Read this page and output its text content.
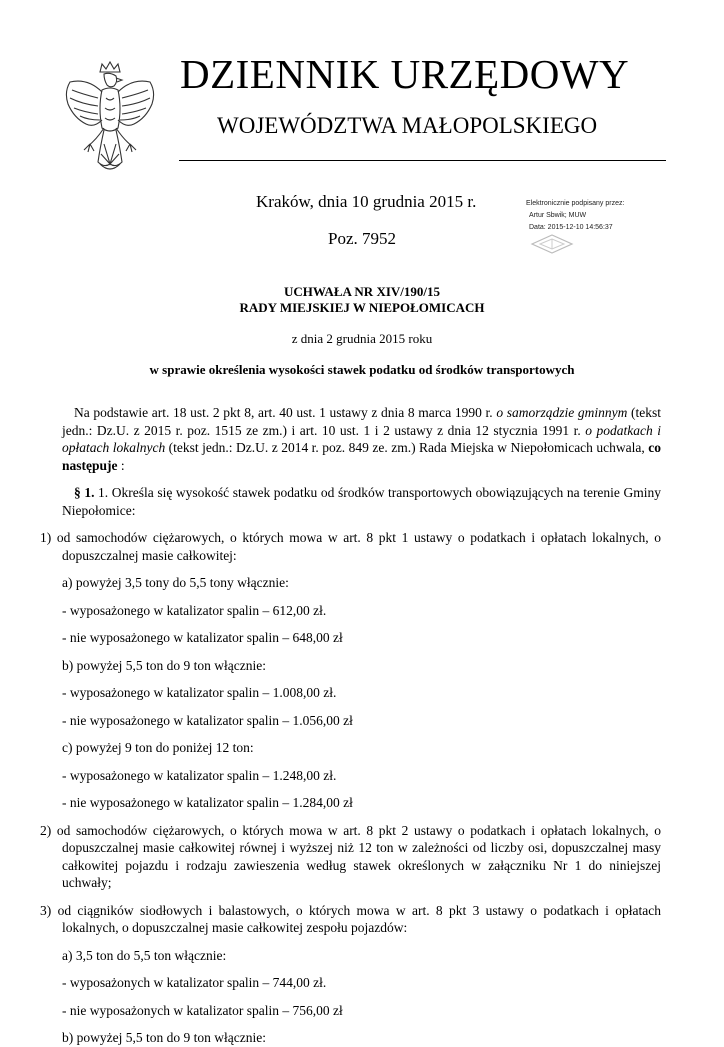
DZIENNIK URZĘDOWY
WOJEWÓDZTWA MAŁOPOLSKIEGO
Kraków, dnia 10 grudnia 2015 r.
Poz. 7952
Elektronicznie podpisany przez:
Artur Sbwik; MUW
Data: 2015-12-10 14:56:37
UCHWAŁA NR XIV/190/15
RADY MIEJSKIEJ W NIEPOŁOMICACH
z dnia 2 grudnia 2015 roku
w sprawie określenia wysokości stawek podatku od środków transportowych

Na podstawie art. 18 ust. 2 pkt 8, art. 40 ust. 1 ustawy z dnia 8 marca 1990 r. o samorządzie gminnym (tekst jedn.: Dz.U. z 2015 r. poz. 1515 ze zm.) i art. 10 ust. 1 i 2 ustawy z dnia 12 stycznia 1991 r. o podatkach i opłatach lokalnych (tekst jedn.: Dz.U. z 2014 r. poz. 849 ze. zm.) Rada Miejska w Niepołomicach uchwala, co następuje :

§ 1. 1. Określa się wysokość stawek podatku od środków transportowych obowiązujących na terenie Gminy Niepołomice:

1) od samochodów ciężarowych, o których mowa w art. 8 pkt 1 ustawy o podatkach i opłatach lokalnych, o dopuszczalnej masie całkowitej:

a) powyżej 3,5 tony do 5,5 tony włącznie:

- wyposażonego w katalizator spalin – 612,00 zł.

- nie wyposażonego w katalizator spalin – 648,00 zł

b) powyżej 5,5 ton do 9 ton włącznie:

- wyposażonego w katalizator spalin – 1.008,00 zł.

- nie wyposażonego w katalizator spalin – 1.056,00 zł

c) powyżej 9 ton do poniżej 12 ton:

- wyposażonego w katalizator spalin – 1.248,00 zł.

- nie wyposażonego w katalizator spalin – 1.284,00 zł

2) od samochodów ciężarowych, o których mowa w art. 8 pkt 2 ustawy o podatkach i opłatach lokalnych, o dopuszczalnej masie całkowitej równej i wyższej niż 12 ton w zależności od liczby osi, dopuszczalnej masy całkowitej pojazdu i rodzaju zawieszenia według stawek określonych w załączniku Nr 1 do niniejszej uchwały;

3) od ciągników siodłowych i balastowych, o których mowa w art. 8 pkt 3 ustawy o podatkach i opłatach lokalnych, o dopuszczalnej masie całkowitej zespołu pojazdów:

a) 3,5 ton do 5,5 ton włącznie:

- wyposażonych w katalizator spalin – 744,00 zł.

- nie wyposażonych w katalizator spalin – 756,00 zł

b) powyżej 5,5 ton do 9 ton włącznie:
